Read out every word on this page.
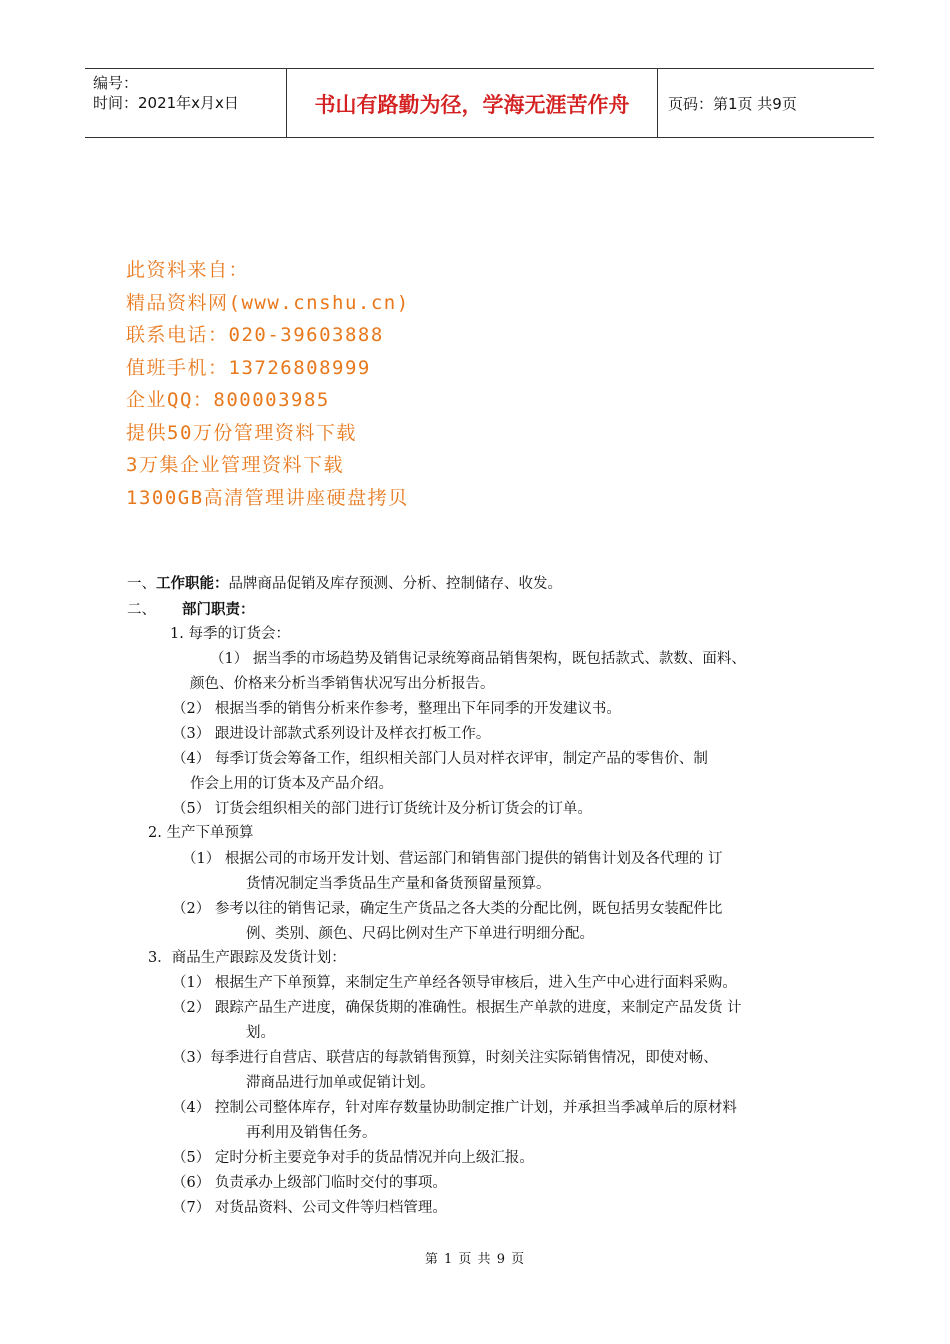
编号：
时间：2021年x月x日	书山有路勤为径，学海无涯苦作舟	页码：第1页 共9页
此资料来自：
精品资料网(www.cnshu.cn)
联系电话：020-39603888
值班手机：13726808999
企业QQ：800003985
提供50万份管理资料下载
3万集企业管理资料下载
1300GB高清管理讲座硬盘拷贝
一、工作职能：品牌商品促销及库存预测、分析、控制储存、收发。
二、 部门职责：
1. 每季的订货会：
（1） 据当季的市场趋势及销售记录统筹商品销售架构，既包括款式、款数、面料、
颜色、价格来分析当季销售状况写出分析报告。
（2） 根据当季的销售分析来作参考，整理出下年同季的开发建议书。
（3） 跟进设计部款式系列设计及样衣打板工作。
（4） 每季订货会筹备工作，组织相关部门人员对样衣评审，制定产品的零售价、制
作会上用的订货本及产品介绍。
（5） 订货会组织相关的部门进行订货统计及分析订货会的订单。
2. 生产下单预算
（1） 根据公司的市场开发计划、营运部门和销售部门提供的销售计划及各代理的 订
货情况制定当季货品生产量和备货预留量预算。
（2） 参考以往的销售记录，确定生产货品之各大类的分配比例，既包括男女装配件比
例、类别、颜色、尺码比例对生产下单进行明细分配。
3．商品生产跟踪及发货计划：
（1） 根据生产下单预算，来制定生产单经各领导审核后，进入生产中心进行面料采购。
（2） 跟踪产品生产进度，确保货期的准确性。根据生产单款的进度，来制定产品发货 计
划。
（3）每季进行自营店、联营店的每款销售预算，时刻关注实际销售情况，即使对畅、
滞商品进行加单或促销计划。
（4） 控制公司整体库存，针对库存数量协助制定推广计划，并承担当季减单后的原材料
再利用及销售任务。
（5） 定时分析主要竞争对手的货品情况并向上级汇报。
（6） 负责承办上级部门临时交付的事项。
（7） 对货品资料、公司文件等归档管理。
第 1 页 共 9 页
